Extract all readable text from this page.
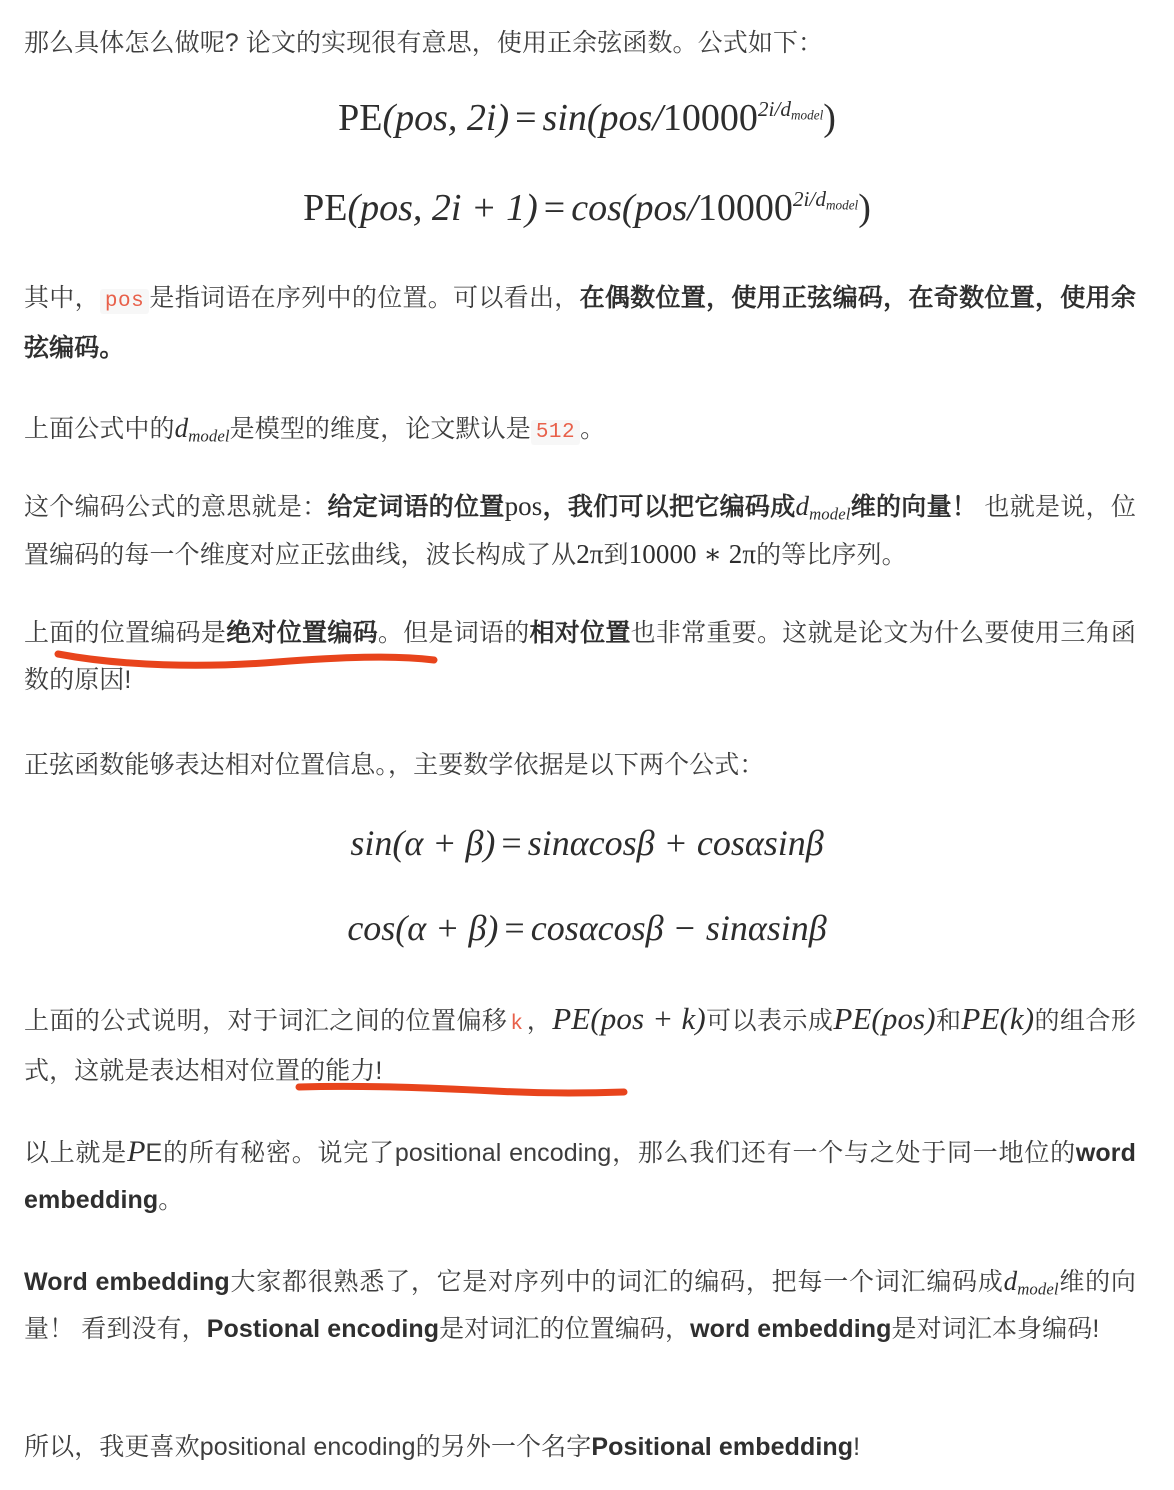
那么具体怎么做呢? 论文的实现很有意思，使用正余弦函数。公式如下：
PE(pos, $2i) = \sin(pos/10000^{2i/d_{model}})$
PE(pos, $2i + 1) = \cos(pos/10000^{2i/d_{model}})$
其中， pos 是指词语在序列中的位置。可以看出，在偶数位置，使用正弦编码，在奇数位置，使用余弦编码。
上面公式中的$d_{model}$是模型的维度，论文默认是 512 。
这个编码公式的意思就是：给定词语的位置pos，我们可以把它编码成$d_{model}$维的向量！ 也就是说，位置编码的每一个维度对应正弦曲线，波长构成了从2π到10000 ∗ 2π的等比序列。
上面的位置编码是绝对位置编码。但是词语的相对位置也非常重要。这就是论文为什么要使用三角函数的原因!
正弦函数能够表达相对位置信息。，主要数学依据是以下两个公式：
sin(α + β) = sinαcosβ + cosαsinβ
cos(α + β) = cosαcosβ − sinαsinβ
上面的公式说明，对于词汇之间的位置偏移 k ，PE(pos + k)可以表示成PE(pos)和PE(k)的组合形式，这就是表达相对位置的能力!
以上就是PE的所有秘密。说完了positional encoding，那么我们还有一个与之处于同一地位的word embedding。
Word embedding大家都很熟悉了，它是对序列中的词汇的编码，把每一个词汇编码成$d_{model}$维的向量！ 看到没有，Postional encoding是对词汇的位置编码，word embedding是对词汇本身编码!
所以，我更喜欢positional encoding的另外一个名字Positional embedding!
